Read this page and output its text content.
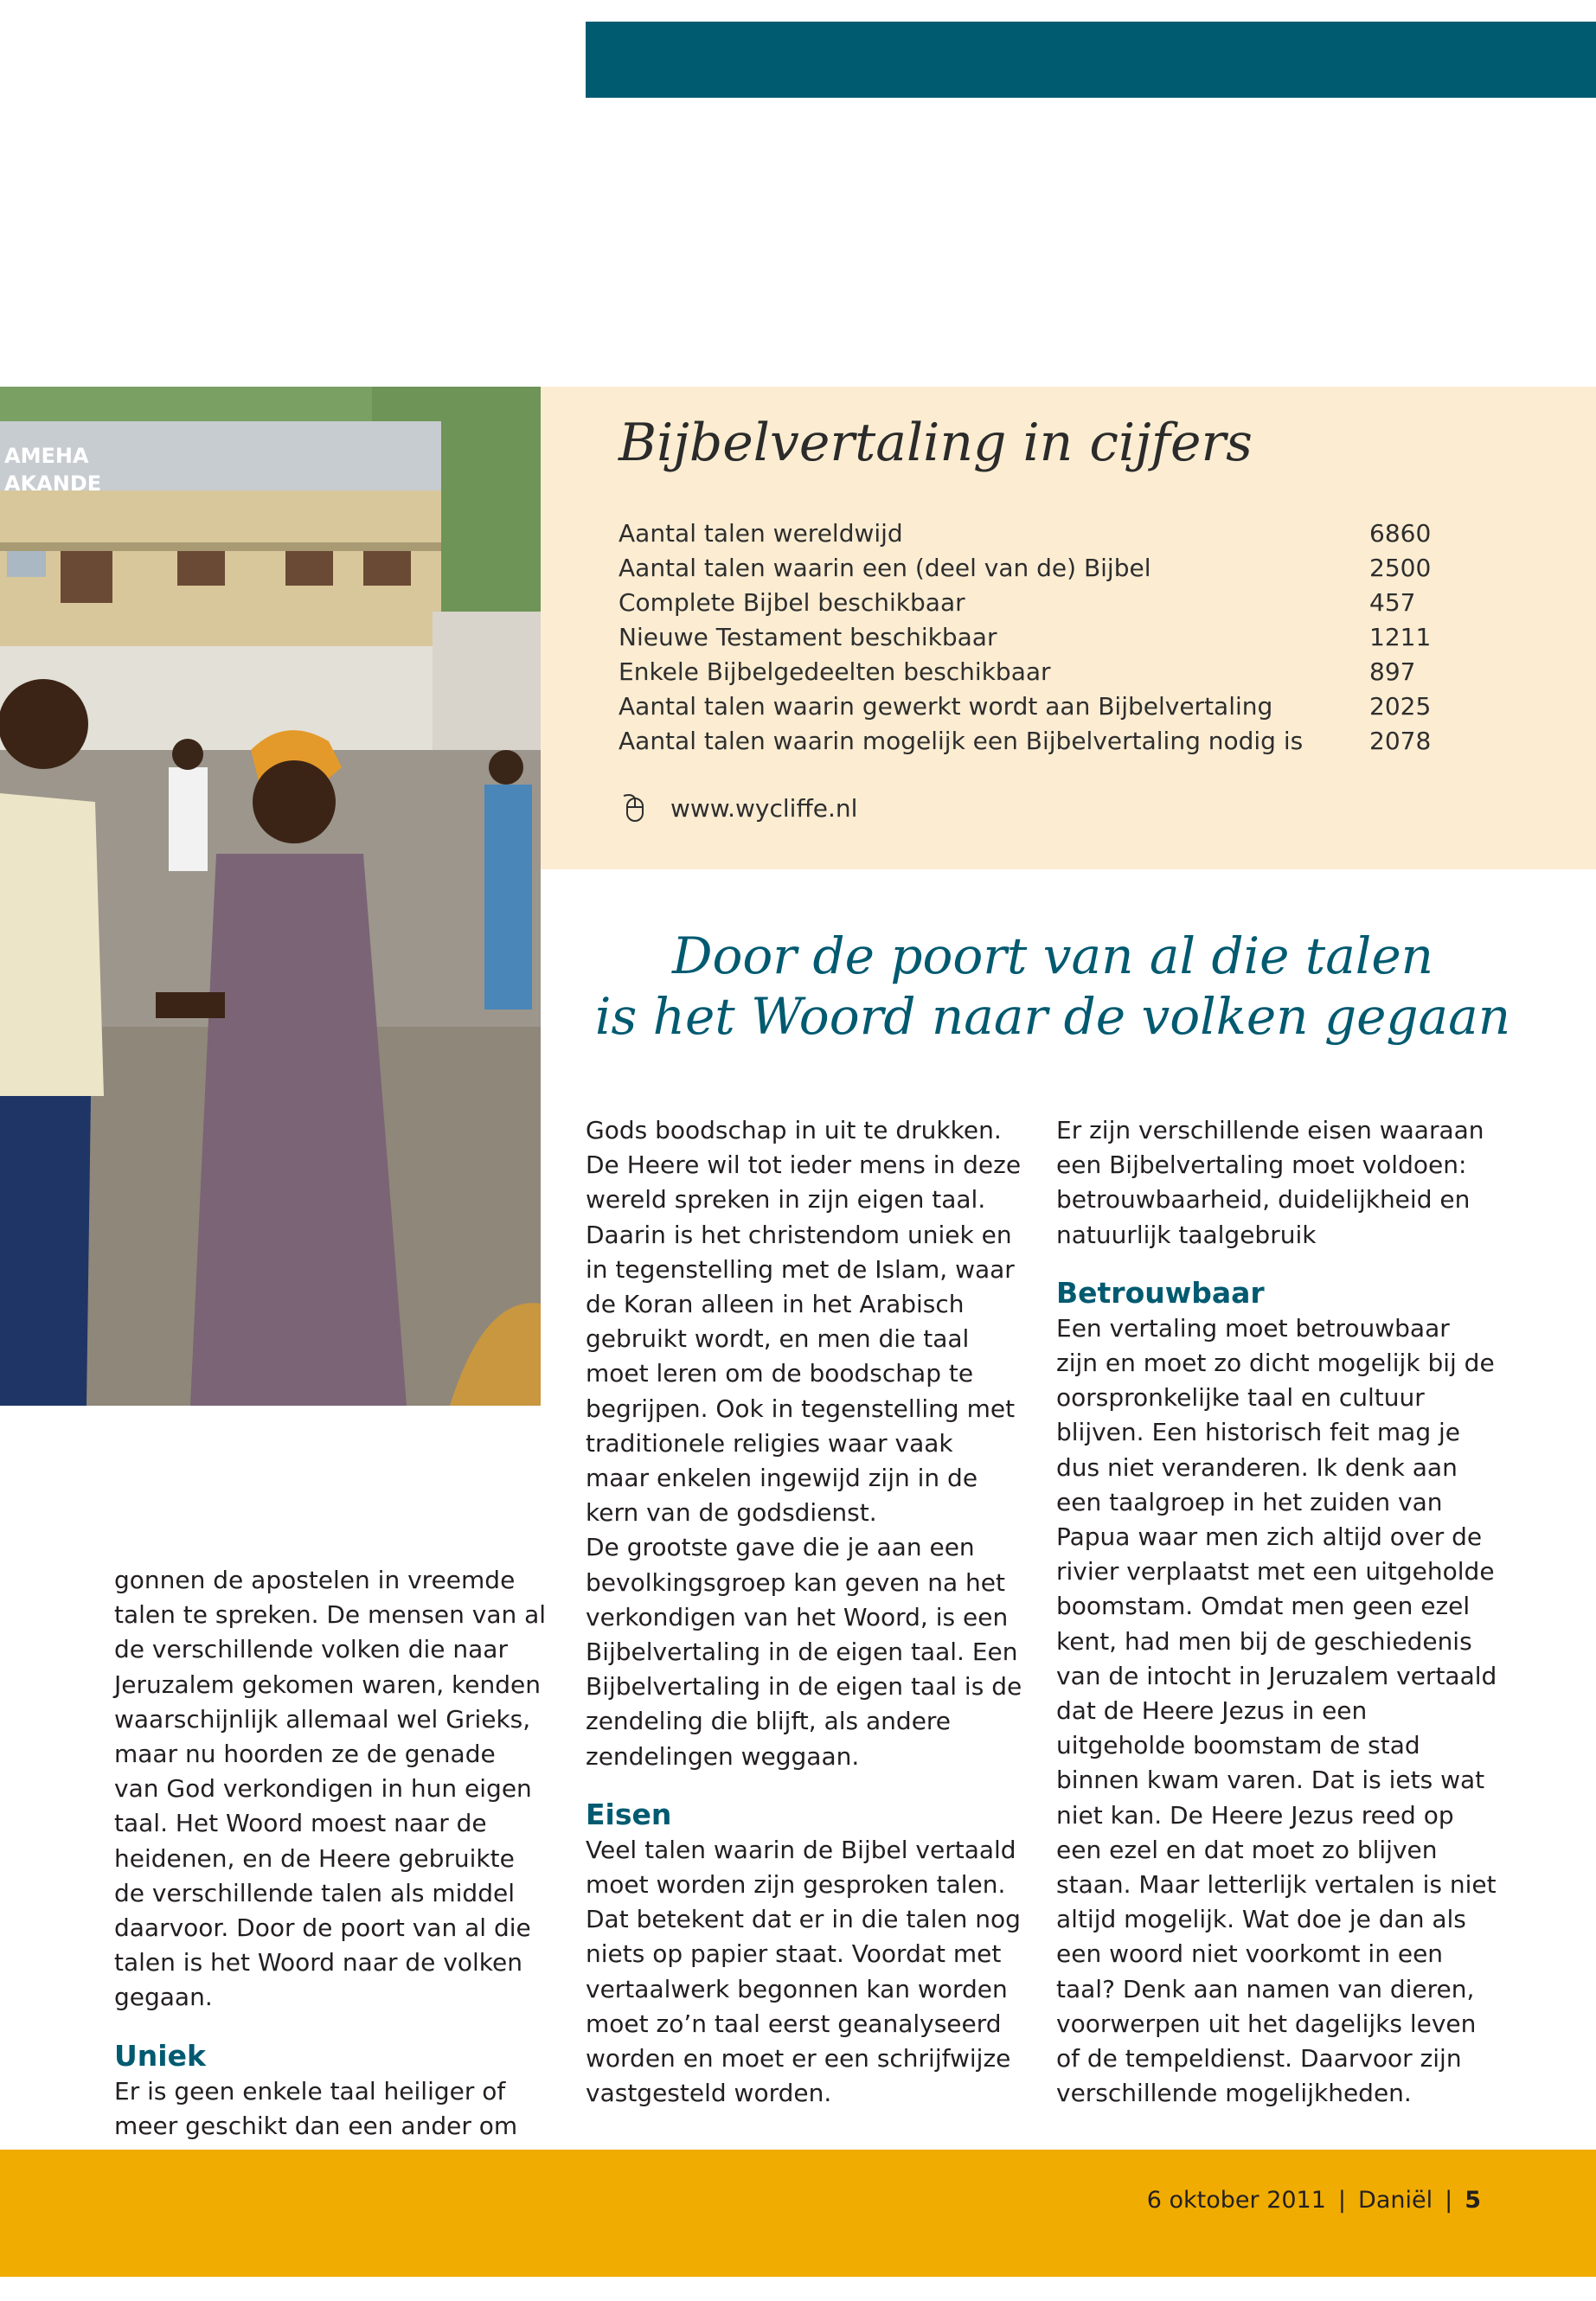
AMEHA
AKANDE
Bijbelvertaling in cijfers
Aantal talen wereldwijd	6860
Aantal talen waarin een (deel van de) Bijbel	2500
Complete Bijbel beschikbaar	457
Nieuwe Testament beschikbaar	1211
Enkele Bijbelgedeelten beschikbaar	897
Aantal talen waarin gewerkt wordt aan Bijbelvertaling	2025
Aantal talen waarin mogelijk een Bijbelvertaling nodig is	2078
www.wycliffe.nl
Door de poort van al die talen
is het Woord naar de volken gegaan

gonnen de apostelen in vreemde talen te spreken. De mensen van al de verschillende volken die naar Jeruzalem gekomen waren, kenden waarschijnlijk allemaal wel Grieks, maar nu hoorden ze de genade van God verkondigen in hun eigen taal. Het Woord moest naar de heidenen, en de Heere gebruikte de verschillende talen als middel daarvoor. Door de poort van al die talen is het Woord naar de volken gegaan.

Uniek

Er is geen enkele taal heiliger of meer geschikt dan een ander om

Gods boodschap in uit te drukken. De Heere wil tot ieder mens in deze wereld spreken in zijn eigen taal. Daarin is het christendom uniek en in tegenstelling met de Islam, waar de Koran alleen in het Arabisch gebruikt wordt, en men die taal moet leren om de boodschap te begrijpen. Ook in tegenstelling met traditionele religies waar vaak maar enkelen ingewijd zijn in de kern van de godsdienst.

De grootste gave die je aan een bevolkingsgroep kan geven na het verkondigen van het Woord, is een Bijbelvertaling in de eigen taal. Een Bijbelvertaling in de eigen taal is de zendeling die blijft, als andere zendelingen weggaan.

Eisen

Veel talen waarin de Bijbel vertaald moet worden zijn gesproken talen. Dat betekent dat er in die talen nog niets op papier staat. Voordat met vertaalwerk begonnen kan worden moet zo’n taal eerst geanalyseerd worden en moet er een schrijfwijze vastgesteld worden.

Er zijn verschillende eisen waaraan een Bijbelvertaling moet voldoen: betrouwbaarheid, duidelijkheid en natuurlijk taalgebruik

Betrouwbaar

Een vertaling moet betrouwbaar zijn en moet zo dicht mogelijk bij de oorspronkelijke taal en cultuur blijven. Een historisch feit mag je dus niet veranderen. Ik denk aan een taalgroep in het zuiden van Papua waar men zich altijd over de rivier verplaatst met een uitgeholde boomstam. Omdat men geen ezel kent, had men bij de geschiedenis van de intocht in Jeruzalem vertaald dat de Heere Jezus in een uitgeholde boomstam de stad binnen kwam varen. Dat is iets wat niet kan. De Heere Jezus reed op een ezel en dat moet zo blijven staan. Maar letterlijk vertalen is niet altijd mogelijk. Wat doe je dan als een woord niet voorkomt in een taal? Denk aan namen van dieren, voorwerpen uit het dagelijks leven of de tempeldienst. Daarvoor zijn verschillende mogelijkheden.

6 oktober 2011 | Daniël | 5
